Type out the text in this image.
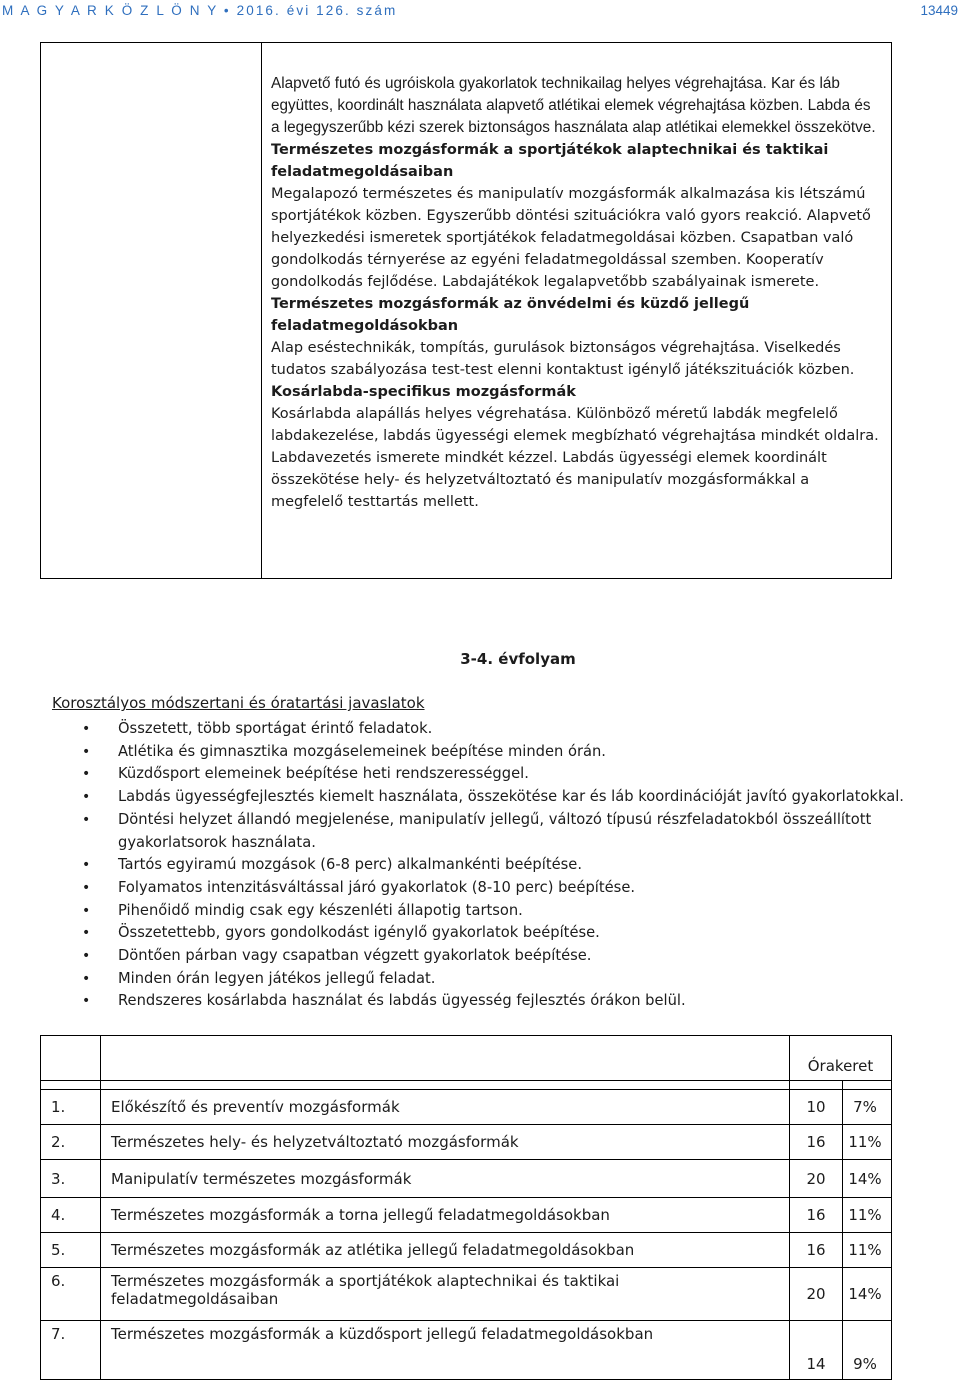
M A G Y A R K Ö Z L Ö N Y • 2016. évi 126. szám	13449

Alapvető futó és ugróiskola gyakorlatok technikailag helyes végrehajtása. Kar és láb együttes, koordinált használata alapvető atlétikai elemek végrehajtása közben. Labda és a legegyszerűbb kézi szerek biztonságos használata alap atlétikai elemekkel összekötve.

Természetes mozgásformák a sportjátékok alaptechnikai és taktikai feladatmegoldásaiban

Megalapozó természetes és manipulatív mozgásformák alkalmazása kis létszámú sportjátékok közben. Egyszerűbb döntési szituációkra való gyors reakció. Alapvető helyezkedési ismeretek sportjátékok feladatmegoldásai közben. Csapatban való gondolkodás térnyerése az egyéni feladatmegoldással szemben. Kooperatív gondolkodás fejlődése. Labdajátékok legalapvetőbb szabályainak ismerete.

Természetes mozgásformák az önvédelmi és küzdő jellegű feladatmegoldásokban

Alap eséstechnikák, tompítás, gurulások biztonságos végrehajtása. Viselkedés tudatos szabályozása test-test elenni kontaktust igénylő játékszituációk közben.

Kosárlabda-specifikus mozgásformák

Kosárlabda alapállás helyes végrehatása. Különböző méretű labdák megfelelő labdakezelése, labdás ügyességi elemek megbízható végrehajtása mindkét oldalra. Labdavezetés ismerete mindkét kézzel. Labdás ügyességi elemek koordinált összekötése hely- és helyzetváltoztató és manipulatív mozgásformákkal a megfelelő testtartás mellett.

3-4. évfolyam
Korosztályos módszertani és óratartási javaslatok
• Összetett, több sportágat érintő feladatok.
• Atlétika és gimnasztika mozgáselemeinek beépítése minden órán.
• Küzdősport elemeinek beépítése heti rendszerességgel.
• Labdás ügyességfejlesztés kiemelt használata, összekötése kar és láb koordinációját javító gyakorlatokkal.
• Döntési helyzet állandó megjelenése, manipulatív jellegű, változó típusú részfeladatokból összeállított gyakorlatsorok használata.
• Tartós egyiramú mozgások (6-8 perc) alkalmankénti beépítése.
• Folyamatos intenzitásváltással járó gyakorlatok (8-10 perc) beépítése.
• Pihenőidő mindig csak egy készenléti állapotig tartson.
• Összetettebb, gyors gondolkodást igénylő gyakorlatok beépítése.
• Döntően párban vagy csapatban végzett gyakorlatok beépítése.
• Minden órán legyen játékos jellegű feladat.
• Rendszeres kosárlabda használat és labdás ügyesség fejlesztés órákon belül.
		Órakeret	

1.	Előkészítő és preventív mozgásformák	10	7%
2.	Természetes hely- és helyzetváltoztató mozgásformák	16	11%
3.	Manipulatív természetes mozgásformák	20	14%
4.	Természetes mozgásformák a torna jellegű feladatmegoldásokban	16	11%
5.	Természetes mozgásformák az atlétika jellegű feladatmegoldásokban	16	11%
6.	Természetes mozgásformák a sportjátékok alaptechnikai és taktikai feladatmegoldásaiban	20	14%
7.	Természetes mozgásformák a küzdősport jellegű feladatmegoldásokban	14	9%
